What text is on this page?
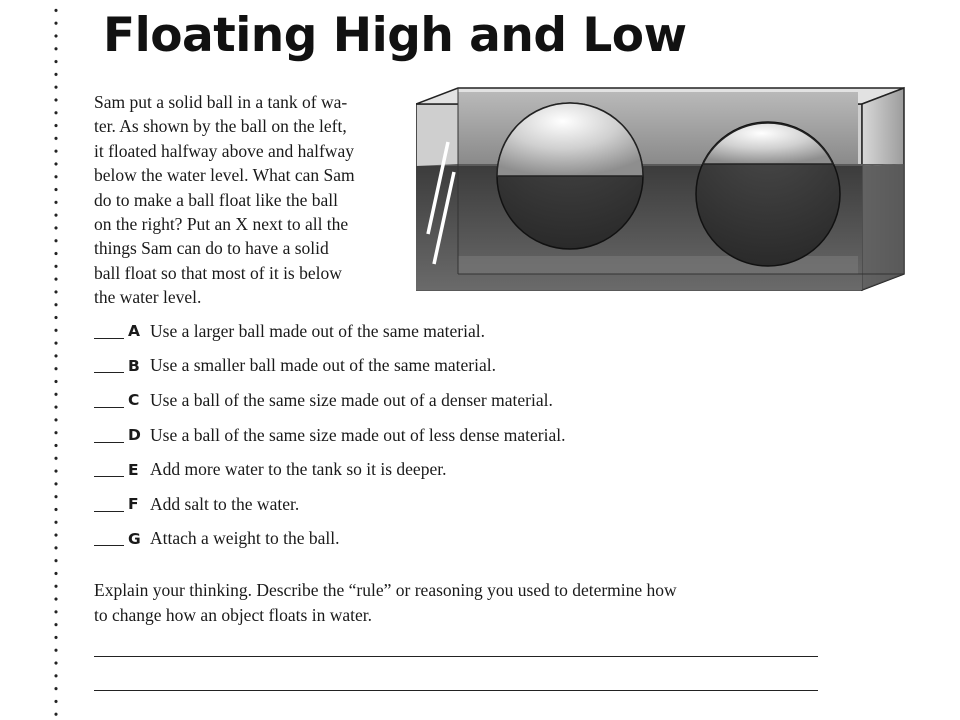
Floating High and Low

Sam put a solid ball in a tank of wa-
ter. As shown by the ball on the left,
it floated halfway above and halfway
below the water level. What can Sam
do to make a ball float like the ball
on the right? Put an X next to all the
things Sam can do to have a solid
ball float so that most of it is below
the water level.

A Use a larger ball made out of the same material.
B Use a smaller ball made out of the same material.
C Use a ball of the same size made out of a denser material.
D Use a ball of the same size made out of less dense material.
E Add more water to the tank so it is deeper.
F Add salt to the water.
G Attach a weight to the ball.

Explain your thinking. Describe the “rule” or reasoning you used to determine how
to change how an object floats in water.
